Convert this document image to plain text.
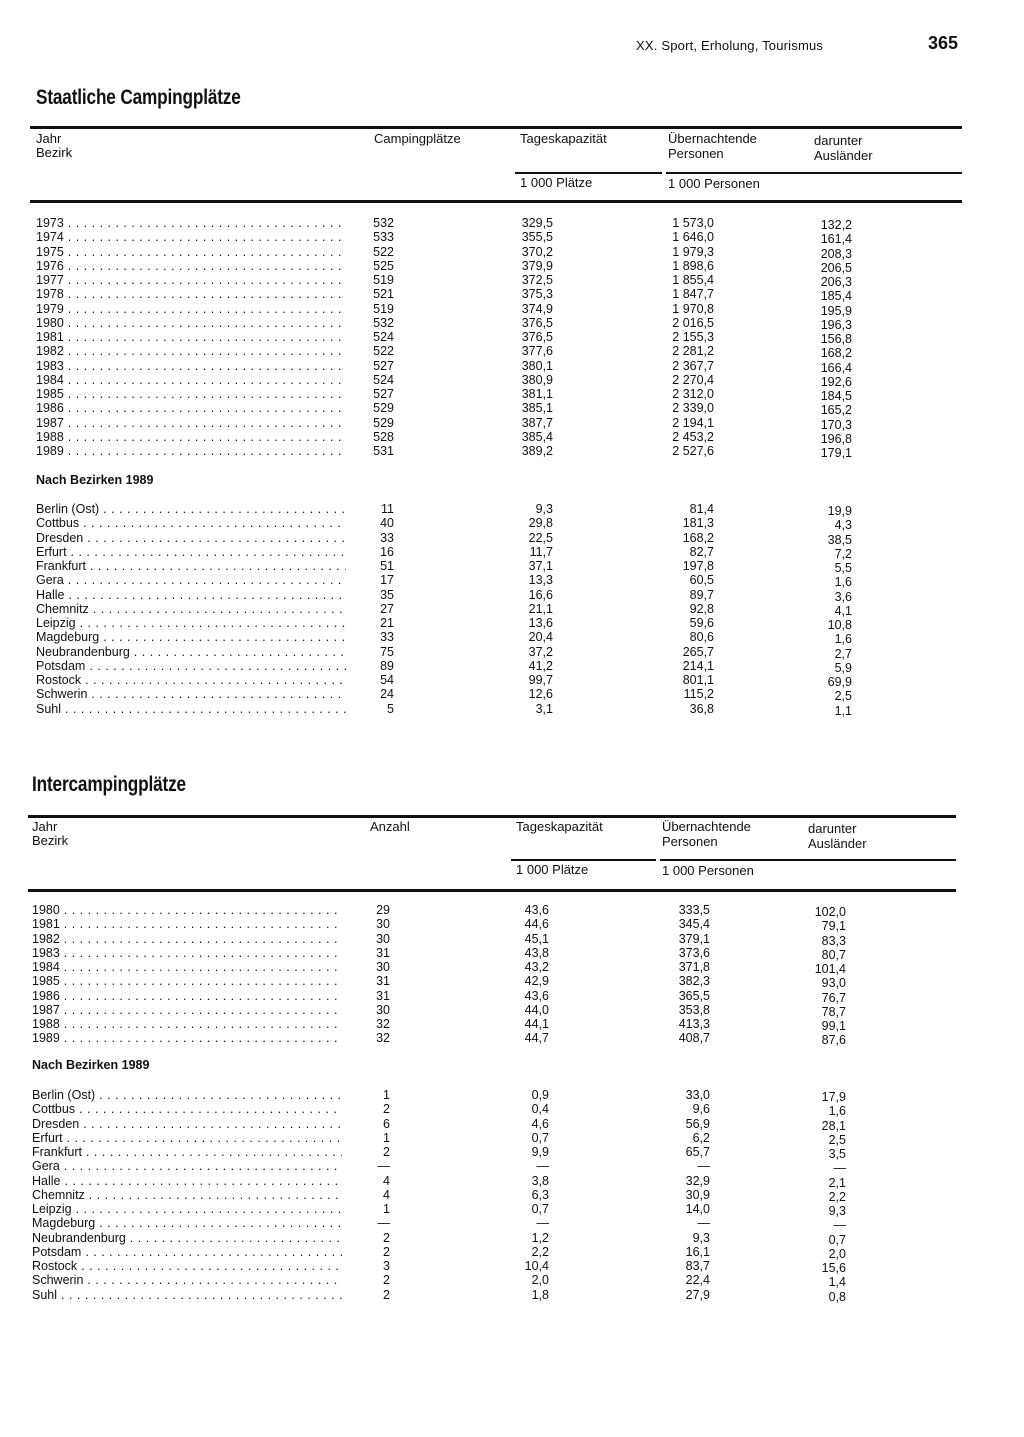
XX. Sport, Erholung, Tourismus	365
Staatliche Campingplätze
Jahr
Bezirk
Campingplätze	Tageskapazität	Übernachtende
Personen
darunter
Ausländer
1 000 Plätze	1 000 Personen
1973 . . .	532	329,5	1 573,0	132,2
1974 . . .	533	355,5	1 646,0	161,4
1975 . . .	522	370,2	1 979,3	208,3
1976 . . .	525	379,9	1 898,6	206,5
1977 . . .	519	372,5	1 855,4	206,3
1978 . . .	521	375,3	1 847,7	185,4
1979 . . .	519	374,9	1 970,8	195,9
1980 . . .	532	376,5	2 016,5	196,3
1981 . . .	524	376,5	2 155,3	156,8
1982 . . .	522	377,6	2 281,2	168,2
1983 . . .	527	380,1	2 367,7	166,4
1984 . . .	524	380,9	2 270,4	192,6
1985 . . .	527	381,1	2 312,0	184,5
1986 . . .	529	385,1	2 339,0	165,2
1987 . . .	529	387,7	2 194,1	170,3
1988 . . .	528	385,4	2 453,2	196,8
1989 . . .	531	389,2	2 527,6	179,1
Nach Bezirken 1989
Berlin (Ost) . . .	11	9,3	81,4	19,9
Cottbus . . .	40	29,8	181,3	4,3
Dresden . . .	33	22,5	168,2	38,5
Erfurt . . .	16	11,7	82,7	7,2
Frankfurt . . .	51	37,1	197,8	5,5
Gera . . .	17	13,3	60,5	1,6
Halle . . .	35	16,6	89,7	3,6
Chemnitz . . .	27	21,1	92,8	4,1
Leipzig . . .	21	13,6	59,6	10,8
Magdeburg . . .	33	20,4	80,6	1,6
Neubrandenburg . . .	75	37,2	265,7	2,7
Potsdam . . .	89	41,2	214,1	5,9
Rostock . . .	54	99,7	801,1	69,9
Schwerin . . .	24	12,6	115,2	2,5
Suhl . . .	5	3,1	36,8	1,1
Intercampingplätze
Jahr
Bezirk
Anzahl	Tageskapazität	Übernachtende
Personen
darunter
Ausländer
1 000 Plätze	1 000 Personen
1980 . . .	29	43,6	333,5	102,0
1981 . . .	30	44,6	345,4	79,1
1982 . . .	30	45,1	379,1	83,3
1983 . . .	31	43,8	373,6	80,7
1984 . . .	30	43,2	371,8	101,4
1985 . . .	31	42,9	382,3	93,0
1986 . . .	31	43,6	365,5	76,7
1987 . . .	30	44,0	353,8	78,7
1988 . . .	32	44,1	413,3	99,1
1989 . . .	32	44,7	408,7	87,6
Nach Bezirken 1989
Berlin (Ost) . . .	1	0,9	33,0	17,9
Cottbus . . .	2	0,4	9,6	1,6
Dresden . . .	6	4,6	56,9	28,1
Erfurt . . .	1	0,7	6,2	2,5
Frankfurt . . .	2	9,9	65,7	3,5
Gera . . .	—	—	—	—
Halle . . .	4	3,8	32,9	2,1
Chemnitz . . .	4	6,3	30,9	2,2
Leipzig . . .	1	0,7	14,0	9,3
Magdeburg . . .	—	—	—	—
Neubrandenburg . . .	2	1,2	9,3	0,7
Potsdam . . .	2	2,2	16,1	2,0
Rostock . . .	3	10,4	83,7	15,6
Schwerin . . .	2	2,0	22,4	1,4
Suhl . . .	2	1,8	27,9	0,8
